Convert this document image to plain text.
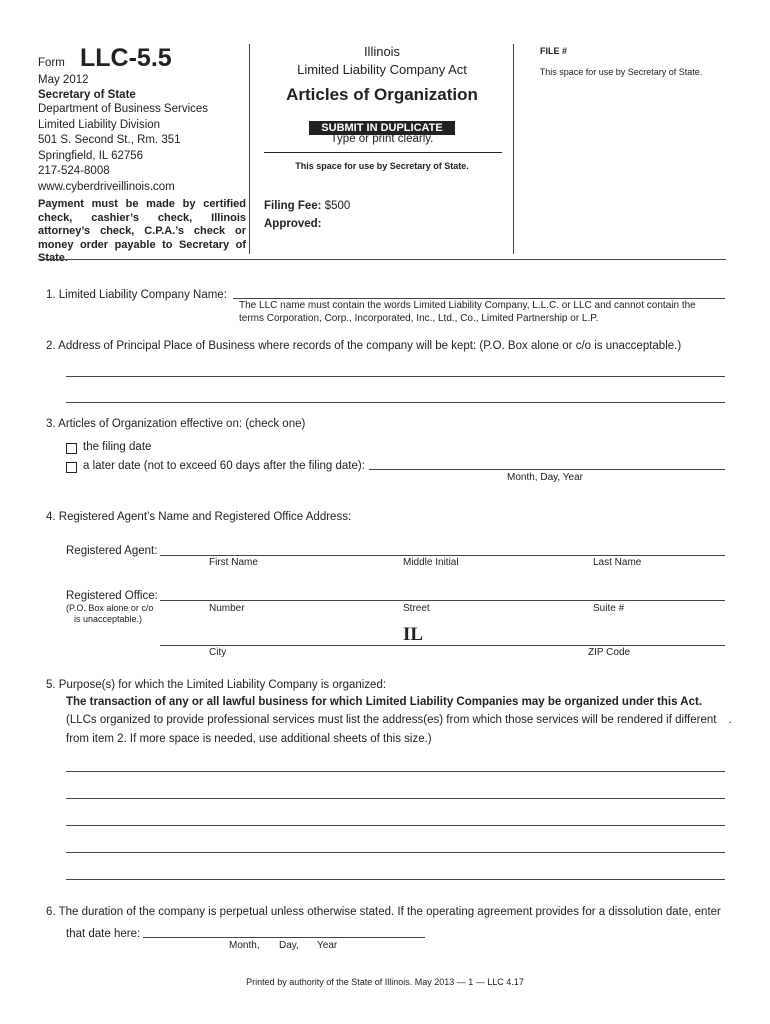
Form LLC-5.5
May 2012
Secretary of State
Department of Business Services
Limited Liability Division
501 S. Second St., Rm. 351
Springfield, IL 62756
217-524-8008
www.cyberdriveillinois.com
Payment must be made by certified check, cashier’s check, Illinois attorney’s check, C.P.A.’s check or money order payable to Secretary of State.
Illinois
Limited Liability Company Act
Articles of Organization
SUBMIT IN DUPLICATE
Type or print clearly.
This space for use by Secretary of State.
Filing Fee: $500
Approved:
FILE #
This space for use by Secretary of State.
1. Limited Liability Company Name:
The LLC name must contain the words Limited Liability Company, L.L.C. or LLC and cannot contain the
terms Corporation, Corp., Incorporated, Inc., Ltd., Co., Limited Partnership or L.P.
2. Address of Principal Place of Business where records of the company will be kept: (P.O. Box alone or c/o is unacceptable.)
3. Articles of Organization effective on: (check one)
the filing date
a later date (not to exceed 60 days after the filing date):
Month, Day, Year
4. Registered Agent’s Name and Registered Office Address:
Registered Agent:
First Name	Middle Initial	Last Name
Registered Office:
(P.O. Box alone or c/o
is unacceptable.)
Number	Street	Suite #
IL
City	ZIP Code
5. Purpose(s) for which the Limited Liability Company is organized:
The transaction of any or all lawful business for which Limited Liability Companies may be organized under this Act.
(LLCs organized to provide professional services must list the address(es) from which those services will be rendered if different .
from item 2. If more space is needed, use additional sheets of this size.)
6. The duration of the company is perpetual unless otherwise stated. If the operating agreement provides for a dissolution date, enter
that date here:
Month, Day, Year
Printed by authority of the State of Illinois. May 2013 — 1 — LLC 4.17
